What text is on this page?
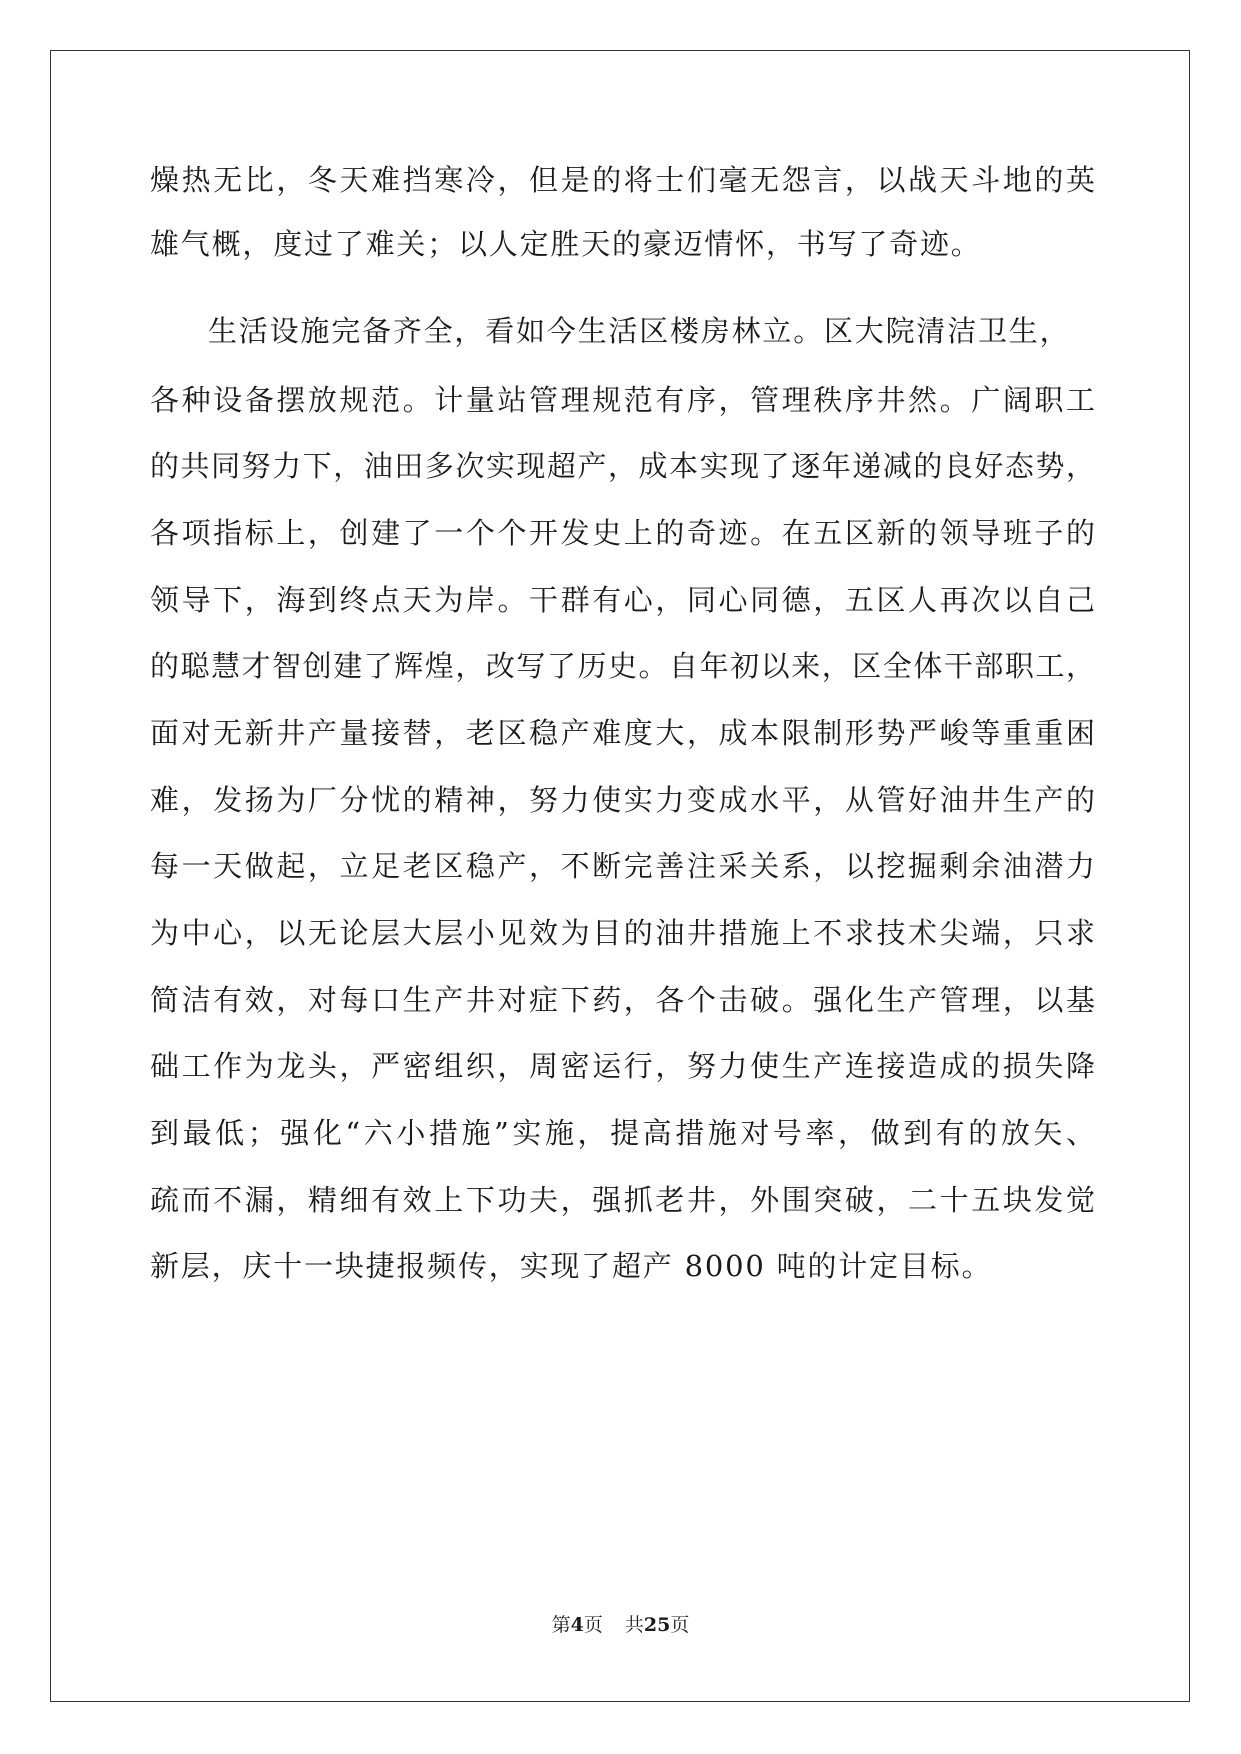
燥热无比，冬天难挡寒冷，但是的将士们毫无怨言，以战天斗地的英
雄气概，度过了难关；以人定胜天的豪迈情怀，书写了奇迹。
生活设施完备齐全，看如今生活区楼房林立。区大院清洁卫生，
各种设备摆放规范。计量站管理规范有序，管理秩序井然。广阔职工
的共同努力下，油田多次实现超产，成本实现了逐年递减的良好态势，
各项指标上，创建了一个个开发史上的奇迹。在五区新的领导班子的
领导下，海到终点天为岸。干群有心，同心同德，五区人再次以自己
的聪慧才智创建了辉煌，改写了历史。自年初以来，区全体干部职工，
面对无新井产量接替，老区稳产难度大，成本限制形势严峻等重重困
难，发扬为厂分忧的精神，努力使实力变成水平，从管好油井生产的
每一天做起，立足老区稳产，不断完善注采关系，以挖掘剩余油潜力
为中心，以无论层大层小见效为目的油井措施上不求技术尖端，只求
简洁有效，对每口生产井对症下药，各个击破。强化生产管理，以基
础工作为龙头，严密组织，周密运行，努力使生产连接造成的损失降
到最低；强化“六小措施”实施，提高措施对号率，做到有的放矢、
疏而不漏，精细有效上下功夫，强抓老井，外围突破，二十五块发觉
新层，庆十一块捷报频传，实现了超产 8000 吨的计定目标。
第4页 共25页
